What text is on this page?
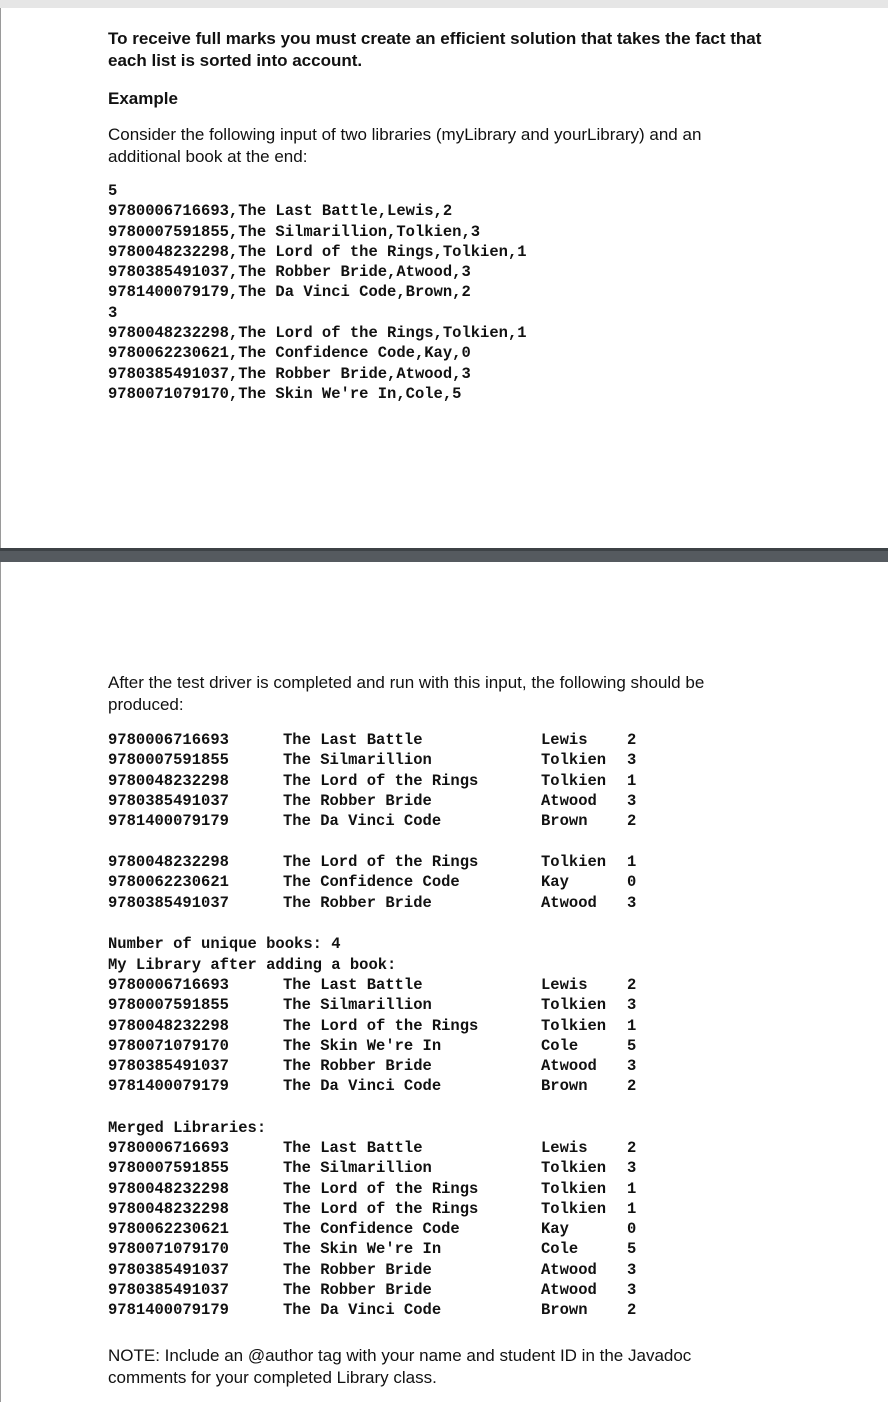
To receive full marks you must create an efficient solution that takes the fact that

each list is sorted into account.

Example

Consider the following input of two libraries (myLibrary and yourLibrary) and an

additional book at the end:

5
9780006716693,The Last Battle,Lewis,2
9780007591855,The Silmarillion,Tolkien,3
9780048232298,The Lord of the Rings,Tolkien,1
9780385491037,The Robber Bride,Atwood,3
9781400079179,The Da Vinci Code,Brown,2
3
9780048232298,The Lord of the Rings,Tolkien,1
9780062230621,The Confidence Code,Kay,0
9780385491037,The Robber Bride,Atwood,3
9780071079170,The Skin We're In,Cole,5

After the test driver is completed and run with this input, the following should be

produced:

9780006716693	The Last Battle	Lewis	2
9780007591855	The Silmarillion	Tolkien	3
9780048232298	The Lord of the Rings	Tolkien	1
9780385491037	The Robber Bride	Atwood	3
9781400079179	The Da Vinci Code	Brown	2
9780048232298	The Lord of the Rings	Tolkien	1
9780062230621	The Confidence Code	Kay	0
9780385491037	The Robber Bride	Atwood	3
Number of unique books: 4
My Library after adding a book:
9780006716693	The Last Battle	Lewis	2
9780007591855	The Silmarillion	Tolkien	3
9780048232298	The Lord of the Rings	Tolkien	1
9780071079170	The Skin We're In	Cole	5
9780385491037	The Robber Bride	Atwood	3
9781400079179	The Da Vinci Code	Brown	2
Merged Libraries:
9780006716693	The Last Battle	Lewis	2
9780007591855	The Silmarillion	Tolkien	3
9780048232298	The Lord of the Rings	Tolkien	1
9780048232298	The Lord of the Rings	Tolkien	1
9780062230621	The Confidence Code	Kay	0
9780071079170	The Skin We're In	Cole	5
9780385491037	The Robber Bride	Atwood	3
9780385491037	The Robber Bride	Atwood	3
9781400079179	The Da Vinci Code	Brown	2

NOTE: Include an @author tag with your name and student ID in the Javadoc

comments for your completed Library class.
